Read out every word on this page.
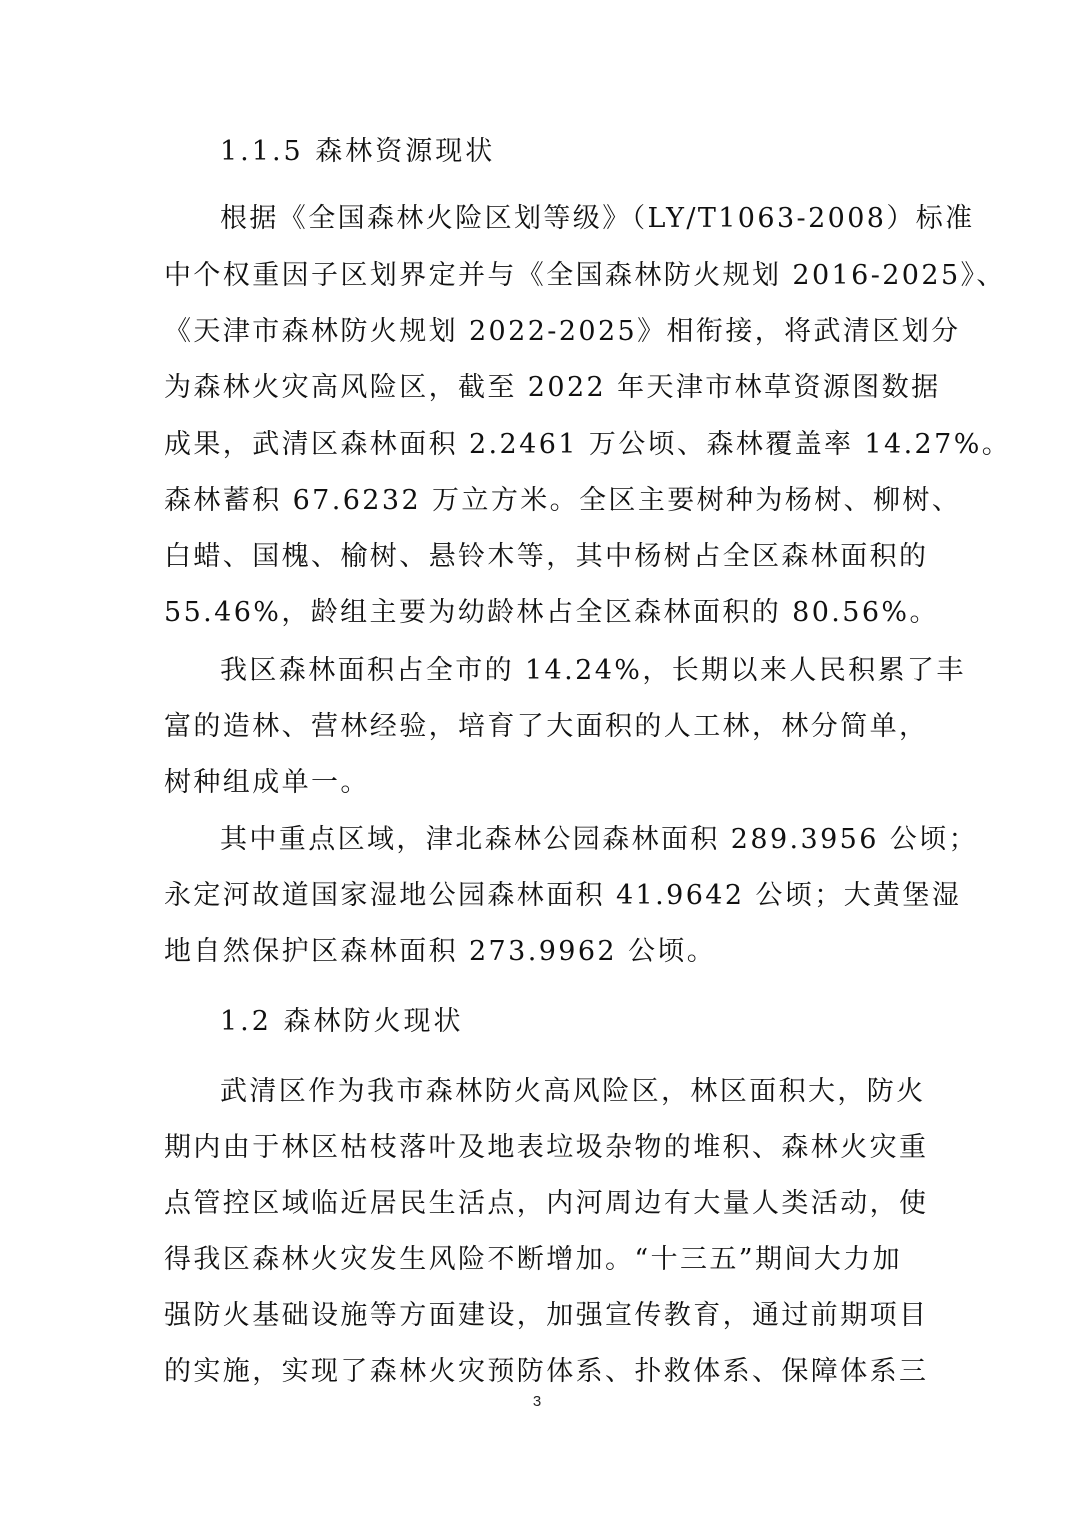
1.1.5 森林资源现状
根据《全国森林火险区划等级》（LY/T1063-2008）标准
中个权重因子区划界定并与《全国森林防火规划 2016-2025》、
《天津市森林防火规划 2022-2025》相衔接，将武清区划分
为森林火灾高风险区，截至 2022 年天津市林草资源图数据
成果，武清区森林面积 2.2461 万公顷、森林覆盖率 14.27%。
森林蓄积 67.6232 万立方米。全区主要树种为杨树、柳树、
白蜡、国槐、榆树、悬铃木等，其中杨树占全区森林面积的
55.46%，龄组主要为幼龄林占全区森林面积的 80.56%。
我区森林面积占全市的 14.24%，长期以来人民积累了丰
富的造林、营林经验，培育了大面积的人工林，林分简单，
树种组成单一。
其中重点区域，津北森林公园森林面积 289.3956 公顷；
永定河故道国家湿地公园森林面积 41.9642 公顷；大黄堡湿
地自然保护区森林面积 273.9962 公顷。
1.2 森林防火现状
武清区作为我市森林防火高风险区，林区面积大，防火
期内由于林区枯枝落叶及地表垃圾杂物的堆积、森林火灾重
点管控区域临近居民生活点，内河周边有大量人类活动，使
得我区森林火灾发生风险不断增加。“十三五”期间大力加
强防火基础设施等方面建设，加强宣传教育，通过前期项目
的实施，实现了森林火灾预防体系、扑救体系、保障体系三
3
